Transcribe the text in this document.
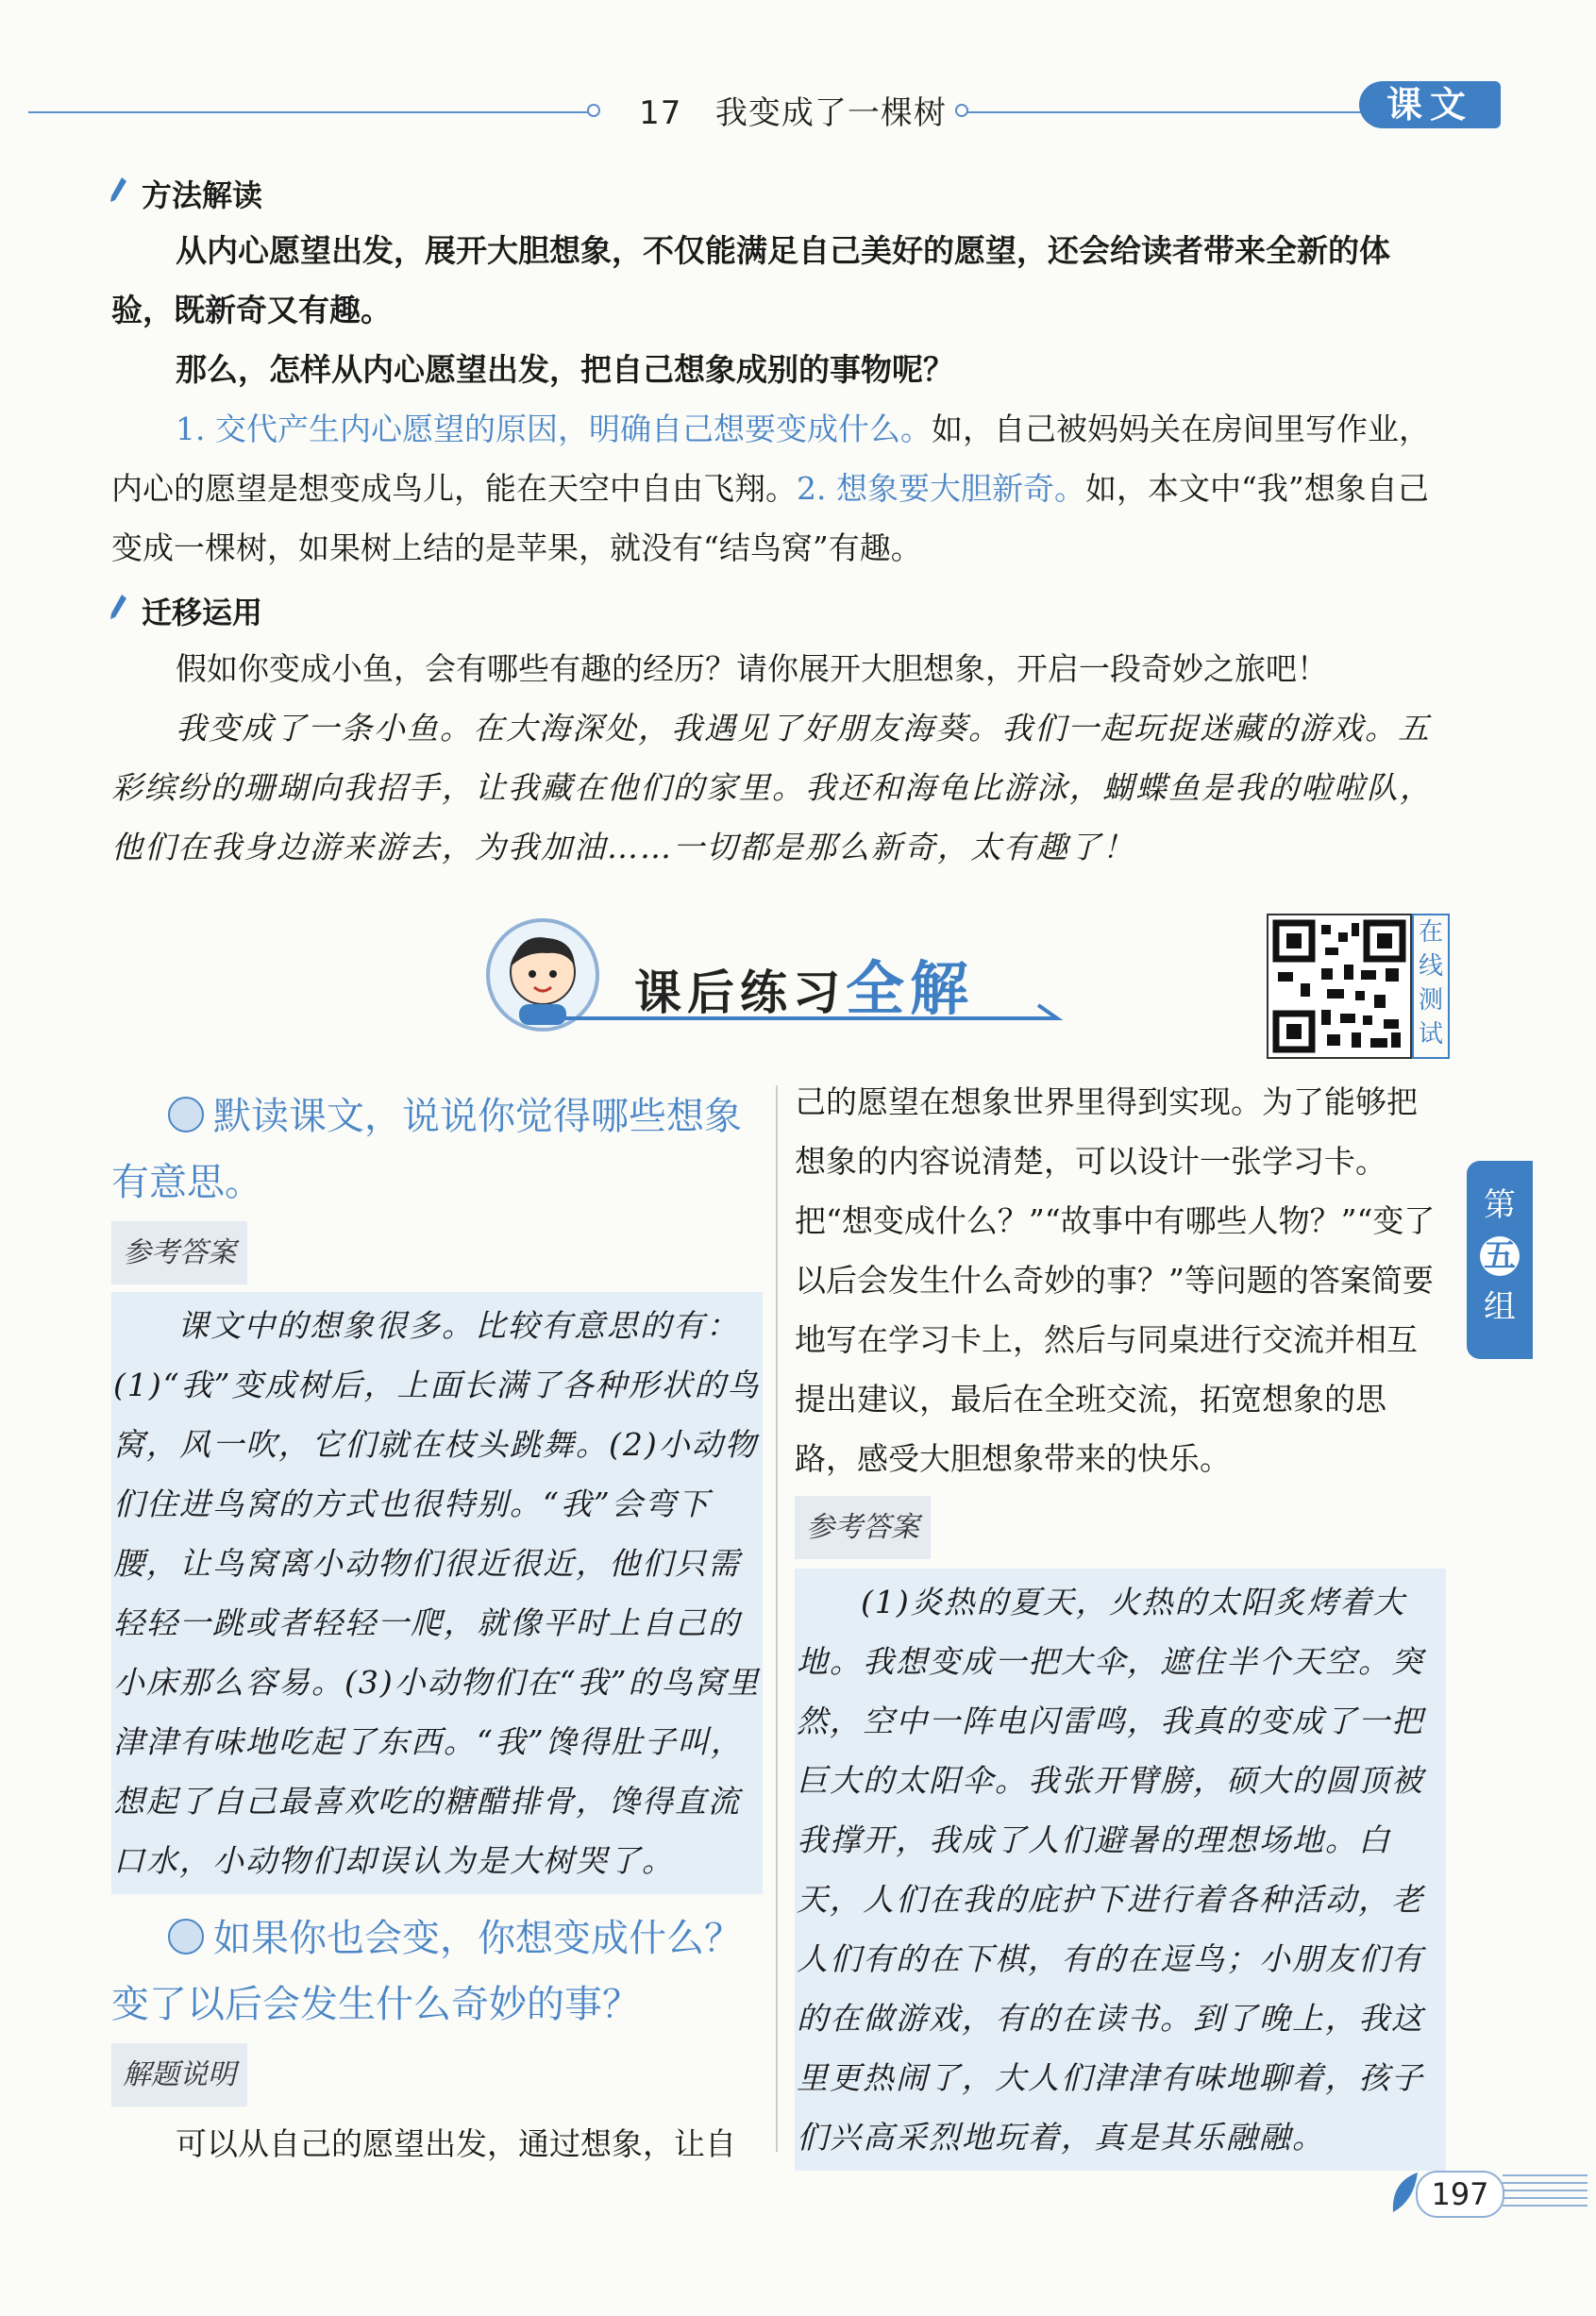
17 我变成了一棵树	课文
方法解读
从内心愿望出发，展开大胆想象，不仅能满足自己美好的愿望，还会给读者带来全新的体验，既新奇又有趣。
那么，怎样从内心愿望出发，把自己想象成别的事物呢？
1. 交代产生内心愿望的原因，明确自己想要变成什么。如，自己被妈妈关在房间里写作业，内心的愿望是想变成鸟儿，能在天空中自由飞翔。2. 想象要大胆新奇。如，本文中“我”想象自己变成一棵树，如果树上结的是苹果，就没有“结鸟窝”有趣。
迁移运用
假如你变成小鱼，会有哪些有趣的经历？请你展开大胆想象，开启一段奇妙之旅吧！
我变成了一条小鱼。在大海深处，我遇见了好朋友海葵。我们一起玩捉迷藏的游戏。五彩缤纷的珊瑚向我招手，让我藏在他们的家里。我还和海龟比游泳，蝴蝶鱼是我的啦啦队，他们在我身边游来游去，为我加油……一切都是那么新奇，太有趣了！
课后练习全解
在线测试
默读课文，说说你觉得哪些想象有意思。
参考答案
课文中的想象很多。比较有意思的有：(1)“我”变成树后，上面长满了各种形状的鸟窝，风一吹，它们就在枝头跳舞。(2)小动物们住进鸟窝的方式也很特别。“我”会弯下腰，让鸟窝离小动物们很近很近，他们只需轻轻一跳或者轻轻一爬，就像平时上自己的小床那么容易。(3)小动物们在“我”的鸟窝里津津有味地吃起了东西。“我”馋得肚子叫，想起了自己最喜欢吃的糖醋排骨，馋得直流口水，小动物们却误认为是大树哭了。
如果你也会变，你想变成什么？变了以后会发生什么奇妙的事？
解题说明
可以从自己的愿望出发，通过想象，让自
己的愿望在想象世界里得到实现。为了能够把想象的内容说清楚，可以设计一张学习卡。把“想变成什么？”“故事中有哪些人物？”“变了以后会发生什么奇妙的事？”等问题的答案简要地写在学习卡上，然后与同桌进行交流并相互提出建议，最后在全班交流，拓宽想象的思路，感受大胆想象带来的快乐。
参考答案
(1)炎热的夏天，火热的太阳炙烤着大地。我想变成一把大伞，遮住半个天空。突然，空中一阵电闪雷鸣，我真的变成了一把巨大的太阳伞。我张开臂膀，硕大的圆顶被我撑开，我成了人们避暑的理想场地。白天，人们在我的庇护下进行着各种活动，老人们有的在下棋，有的在逗鸟；小朋友们有的在做游戏，有的在读书。到了晚上，我这里更热闹了，大人们津津有味地聊着，孩子们兴高采烈地玩着，真是其乐融融。
第
五
组
197
